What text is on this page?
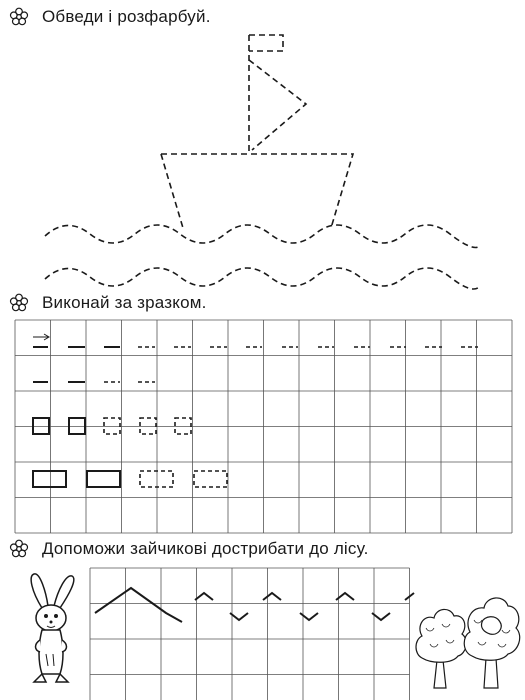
Обведи і розфарбуй.
Виконай за зразком.
Допоможи зайчикові дострибати до лісу.
